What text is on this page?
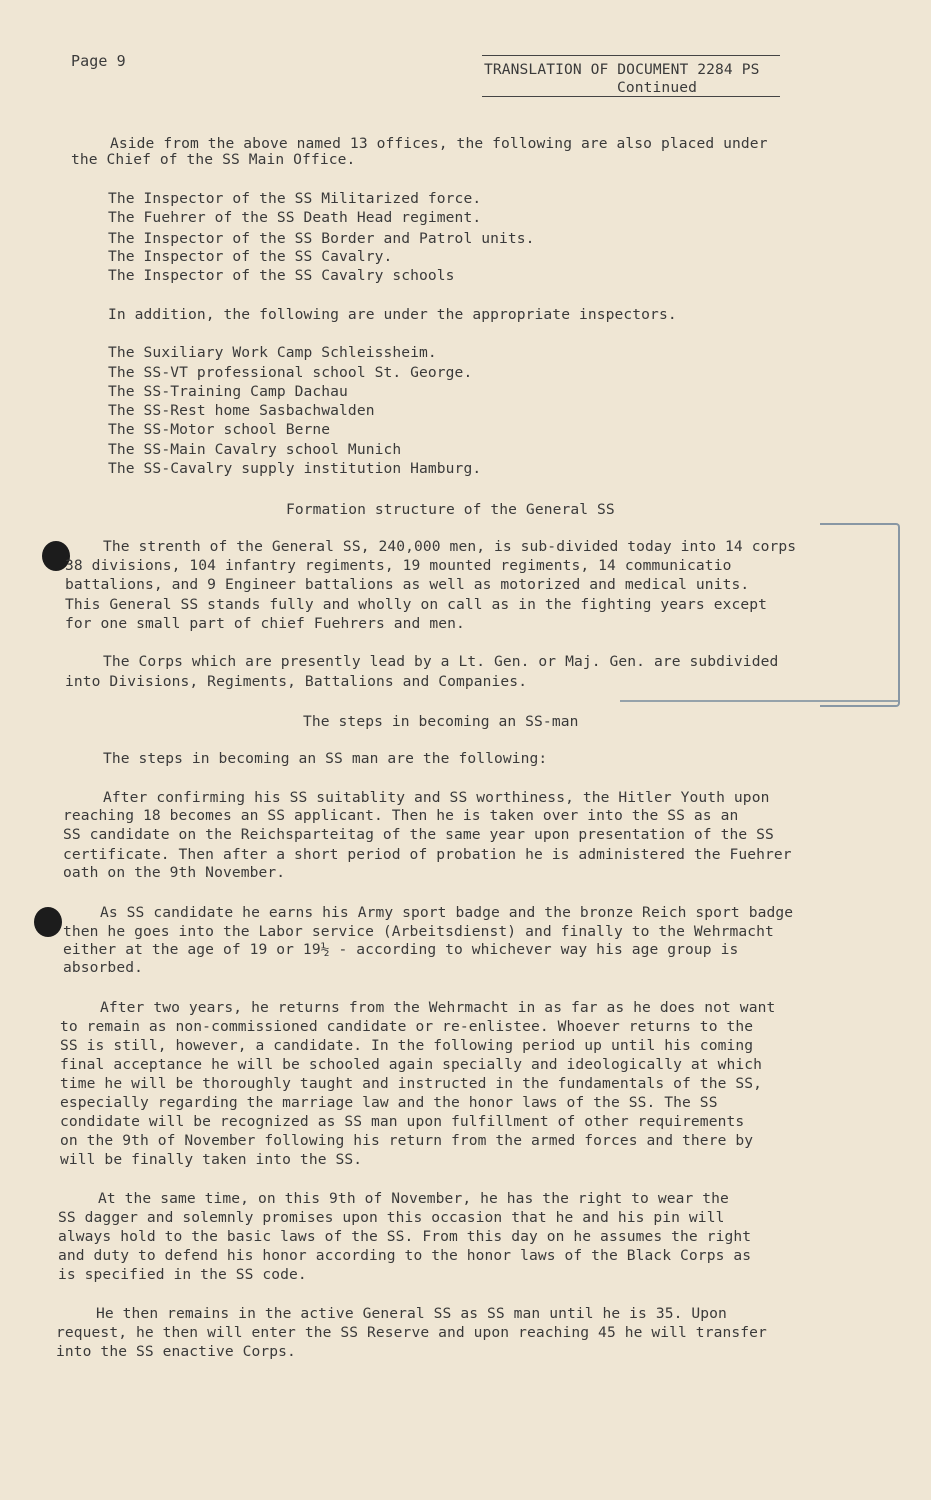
Page 9	TRANSLATION OF DOCUMENT 2284 PS
Continued
Aside from the above named 13 offices, the following are also placed under
the Chief of the SS Main Office.
The Inspector of the SS Militarized force.
The Fuehrer of the SS Death Head regiment.
The Inspector of the SS Border and Patrol units.
The Inspector of the SS Cavalry.
The Inspector of the SS Cavalry schools
In addition, the following are under the appropriate inspectors.
The Suxiliary Work Camp Schleissheim.
The SS-VT professional school St. George.
The SS-Training Camp Dachau
The SS-Rest home Sasbachwalden
The SS-Motor school Berne
The SS-Main Cavalry school Munich
The SS-Cavalry supply institution Hamburg.
Formation structure of the General SS
The strenth of the General SS, 240,000 men, is sub-divided today into 14 corps
38 divisions, 104 infantry regiments, 19 mounted regiments, 14 communicatio
battalions, and 9 Engineer battalions as well as motorized and medical units.
This General SS stands fully and wholly on call as in the fighting years except
for one small part of chief Fuehrers and men.
The Corps which are presently lead by a Lt. Gen. or Maj. Gen. are subdivided
into Divisions, Regiments, Battalions and Companies.
The steps in becoming an SS-man
The steps in becoming an SS man are the following:
After confirming his SS suitablity and SS worthiness, the Hitler Youth upon
reaching 18 becomes an SS applicant. Then he is taken over into the SS as an
SS candidate on the Reichsparteitag of the same year upon presentation of the SS
certificate. Then after a short period of probation he is administered the Fuehrer
oath on the 9th November.
As SS candidate he earns his Army sport badge and the bronze Reich sport badge
then he goes into the Labor service (Arbeitsdienst) and finally to the Wehrmacht
either at the age of 19 or 19½ - according to whichever way his age group is
absorbed.
After two years, he returns from the Wehrmacht in as far as he does not want
to remain as non-commissioned candidate or re-enlistee. Whoever returns to the
SS is still, however, a candidate. In the following period up until his coming
final acceptance he will be schooled again specially and ideologically at which
time he will be thoroughly taught and instructed in the fundamentals of the SS,
especially regarding the marriage law and the honor laws of the SS. The SS
condidate will be recognized as SS man upon fulfillment of other requirements
on the 9th of November following his return from the armed forces and there by
will be finally taken into the SS.
At the same time, on this 9th of November, he has the right to wear the
SS dagger and solemnly promises upon this occasion that he and his pin will
always hold to the basic laws of the SS. From this day on he assumes the right
and duty to defend his honor according to the honor laws of the Black Corps as
is specified in the SS code.
He then remains in the active General SS as SS man until he is 35. Upon
request, he then will enter the SS Reserve and upon reaching 45 he will transfer
into the SS enactive Corps.
